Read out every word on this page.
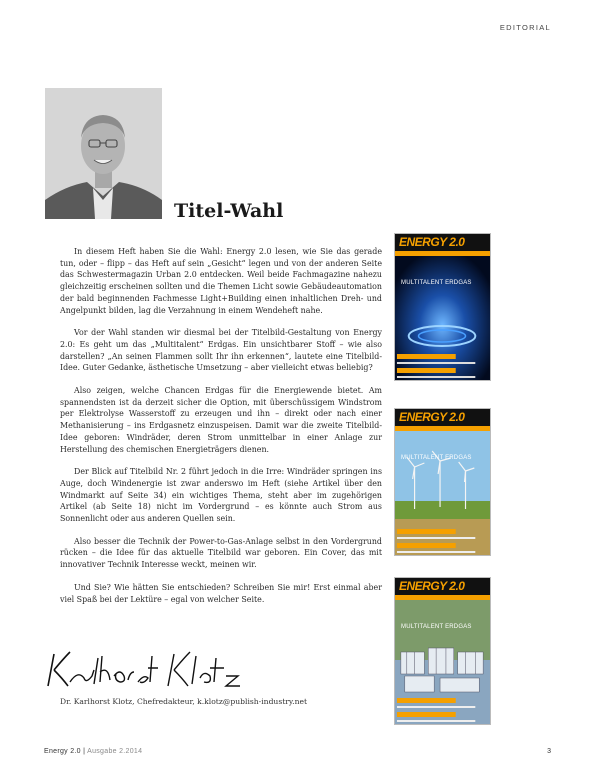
EDITORIAL
Titel-Wahl

In diesem Heft haben Sie die Wahl: Energy 2.0 lesen, wie Sie das gerade tun, oder – flipp – das Heft auf sein „Gesicht“ legen und von der anderen Seite das Schwestermagazin Urban 2.0 entdecken. Weil beide Fachmagazine nahezu gleichzeitig erscheinen sollten und die Themen Licht sowie Gebäudeautomation der bald beginnenden Fachmesse Light+Building einen inhaltlichen Dreh- und Angelpunkt bilden, lag die Verzahnung in einem Wendeheft nahe.

Vor der Wahl standen wir diesmal bei der Titelbild-Gestaltung von Energy 2.0: Es geht um das „Multitalent“ Erdgas. Ein unsichtbarer Stoff – wie also darstellen? „An seinen Flammen sollt Ihr ihn erkennen“, lautete eine Titelbild-Idee. Guter Gedanke, ästhetische Umsetzung – aber vielleicht etwas beliebig?

Also zeigen, welche Chancen Erdgas für die Energiewende bietet. Am spannendsten ist da derzeit sicher die Option, mit überschüssigem Windstrom per Elektrolyse Wasserstoff zu erzeugen und ihn – direkt oder nach einer Methanisierung – ins Erdgasnetz einzuspeisen. Damit war die zweite Titelbild-Idee geboren: Windräder, deren Strom unmittelbar in einer Anlage zur Herstellung des chemischen Energieträgers dienen.

Der Blick auf Titelbild Nr. 2 führt jedoch in die Irre: Windräder springen ins Auge, doch Windenergie ist zwar anderswo im Heft (siehe Artikel über den Windmarkt auf Seite 34) ein wichtiges Thema, steht aber im zugehörigen Artikel (ab Seite 18) nicht im Vordergrund – es könnte auch Strom aus Sonnenlicht oder aus anderen Quellen sein.

Also besser die Technik der Power-to-Gas-Anlage selbst in den Vordergrund rücken – die Idee für das aktuelle Titelbild war geboren. Ein Cover, das mit innovativer Technik Interesse weckt, meinen wir.

Und Sie? Wie hätten Sie entschieden? Schreiben Sie mir! Erst einmal aber viel Spaß bei der Lektüre – egal von welcher Seite.

Dr. Karlhorst Klotz, Chefredakteur, k.klotz@publish-industry.net
Energy 2.0 | Ausgabe 2.2014	3
ENERGY 2.0
MULTITALENT ERDGAS
ENERGY 2.0
MULTITALENT ERDGAS
ENERGY 2.0
MULTITALENT ERDGAS
